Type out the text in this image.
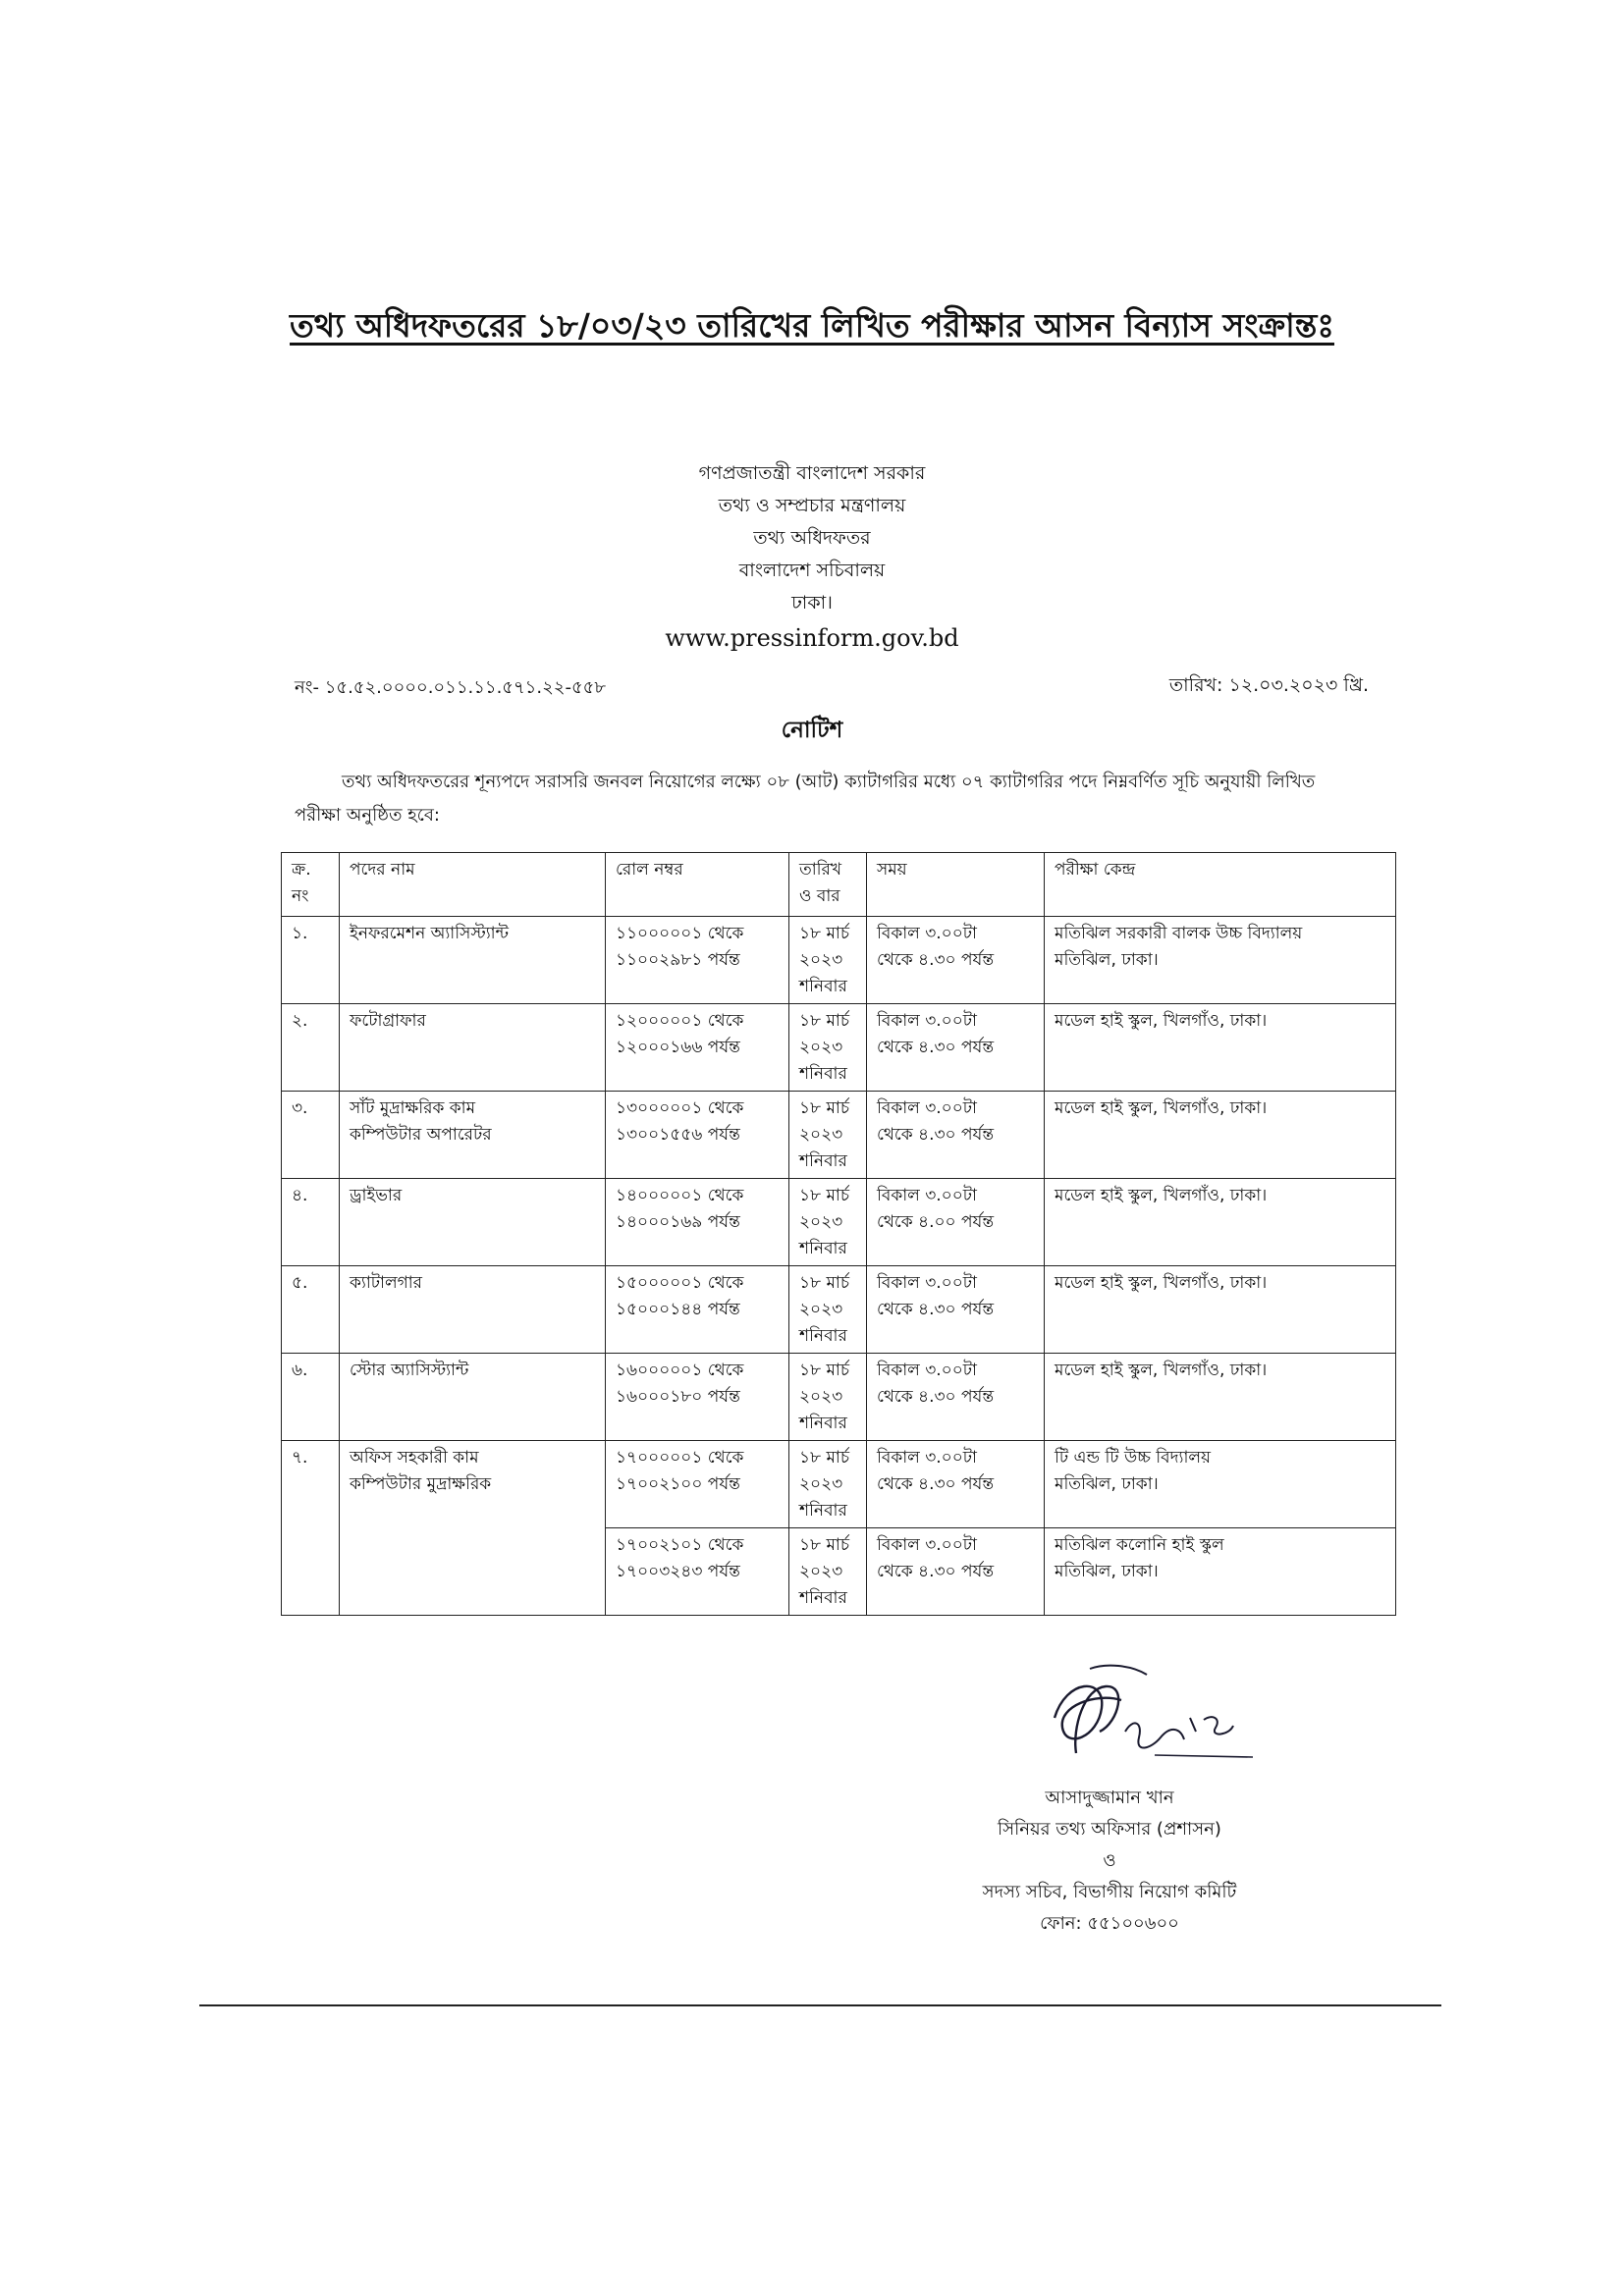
তথ্য অধিদফতরের ১৮/০৩/২৩ তারিখের লিখিত পরীক্ষার আসন বিন্যাস সংক্রান্তঃ
গণপ্রজাতন্ত্রী বাংলাদেশ সরকার
তথ্য ও সম্প্রচার মন্ত্রণালয়
তথ্য অধিদফতর
বাংলাদেশ সচিবালয়
ঢাকা।
www.pressinform.gov.bd
নং- ১৫.৫২.০০০০.০১১.১১.৫৭১.২২-৫৫৮	তারিখ: ১২.০৩.২০২৩ খ্রি.
নোটিশ
তথ্য অধিদফতরের শূন্যপদে সরাসরি জনবল নিয়োগের লক্ষ্যে ০৮ (আট) ক্যাটাগরির মধ্যে ০৭ ক্যাটাগরির পদে নিম্নবর্ণিত সূচি অনুযায়ী লিখিত পরীক্ষা অনুষ্ঠিত হবে:
ক্র.
নং	পদের নাম	রোল নম্বর	তারিখ
ও বার	সময়	পরীক্ষা কেন্দ্র
১.	ইনফরমেশন অ্যাসিস্ট্যান্ট	১১০০০০০১ থেকে
১১০০২৯৮১ পর্যন্ত	১৮ মার্চ
২০২৩
শনিবার	বিকাল ৩.০০টা
থেকে ৪.৩০ পর্যন্ত	মতিঝিল সরকারী বালক উচ্চ বিদ্যালয়
মতিঝিল, ঢাকা।
২.	ফটোগ্রাফার	১২০০০০০১ থেকে
১২০০০১৬৬ পর্যন্ত	১৮ মার্চ
২০২৩
শনিবার	বিকাল ৩.০০টা
থেকে ৪.৩০ পর্যন্ত	মডেল হাই স্কুল, খিলগাঁও, ঢাকা।
৩.	সাঁট মুদ্রাক্ষরিক কাম
কম্পিউটার অপারেটর	১৩০০০০০১ থেকে
১৩০০১৫৫৬ পর্যন্ত	১৮ মার্চ
২০২৩
শনিবার	বিকাল ৩.০০টা
থেকে ৪.৩০ পর্যন্ত	মডেল হাই স্কুল, খিলগাঁও, ঢাকা।
৪.	ড্রাইভার	১৪০০০০০১ থেকে
১৪০০০১৬৯ পর্যন্ত	১৮ মার্চ
২০২৩
শনিবার	বিকাল ৩.০০টা
থেকে ৪.০০ পর্যন্ত	মডেল হাই স্কুল, খিলগাঁও, ঢাকা।
৫.	ক্যাটালগার	১৫০০০০০১ থেকে
১৫০০০১৪৪ পর্যন্ত	১৮ মার্চ
২০২৩
শনিবার	বিকাল ৩.০০টা
থেকে ৪.৩০ পর্যন্ত	মডেল হাই স্কুল, খিলগাঁও, ঢাকা।
৬.	স্টোর অ্যাসিস্ট্যান্ট	১৬০০০০০১ থেকে
১৬০০০১৮০ পর্যন্ত	১৮ মার্চ
২০২৩
শনিবার	বিকাল ৩.০০টা
থেকে ৪.৩০ পর্যন্ত	মডেল হাই স্কুল, খিলগাঁও, ঢাকা।
৭.	অফিস সহকারী কাম
কম্পিউটার মুদ্রাক্ষরিক	১৭০০০০০১ থেকে
১৭০০২১০০ পর্যন্ত	১৮ মার্চ
২০২৩
শনিবার	বিকাল ৩.০০টা
থেকে ৪.৩০ পর্যন্ত	টি এন্ড টি উচ্চ বিদ্যালয়
মতিঝিল, ঢাকা।
		১৭০০২১০১ থেকে
১৭০০৩২৪৩ পর্যন্ত	১৮ মার্চ
২০২৩
শনিবার	বিকাল ৩.০০টা
থেকে ৪.৩০ পর্যন্ত	মতিঝিল কলোনি হাই স্কুল
মতিঝিল, ঢাকা।
আসাদুজ্জামান খান
সিনিয়র তথ্য অফিসার (প্রশাসন)
ও
সদস্য সচিব, বিভাগীয় নিয়োগ কমিটি
ফোন: ৫৫১০০৬০০
